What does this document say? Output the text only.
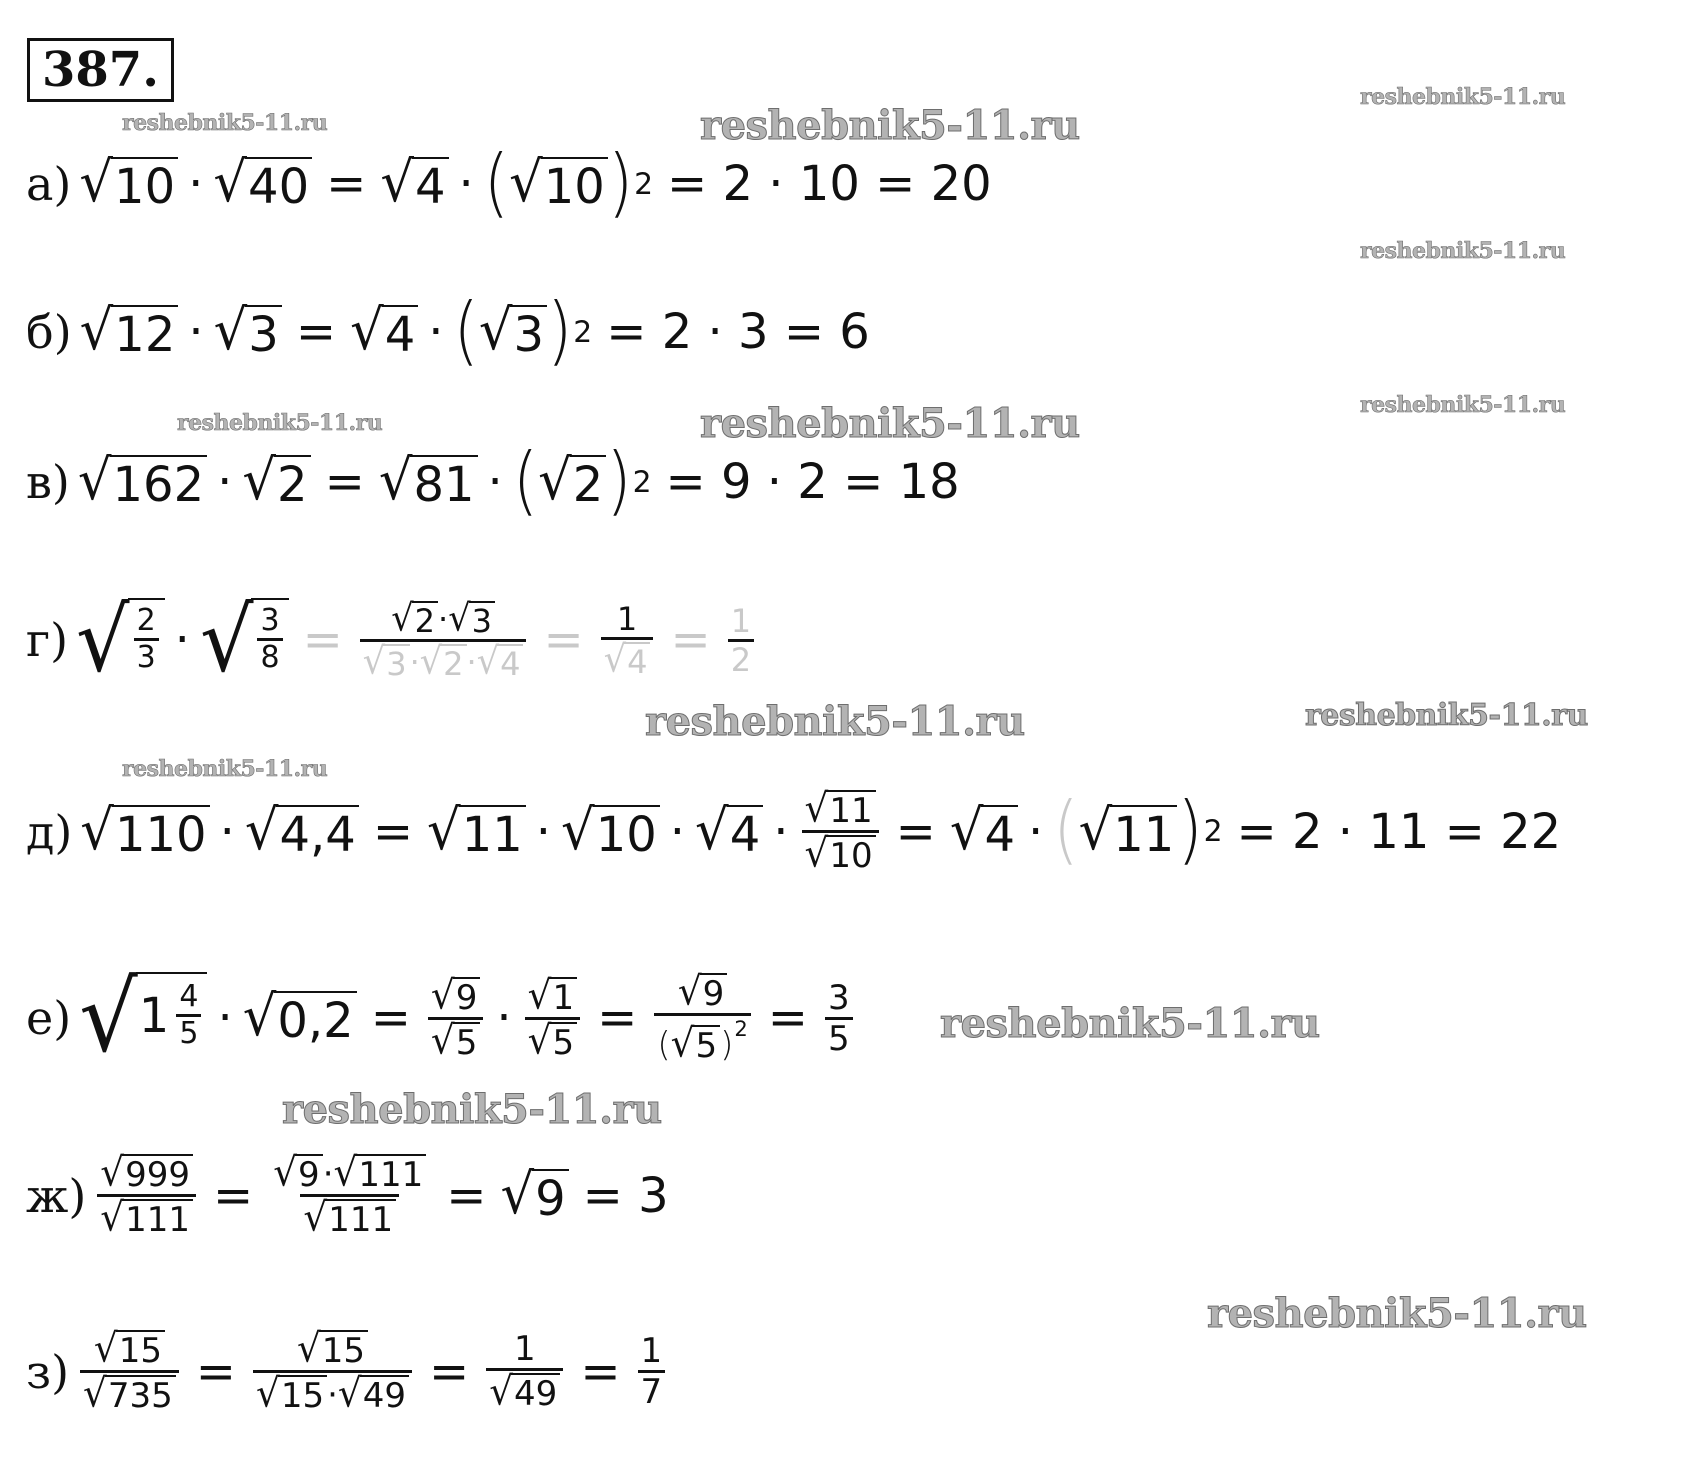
387.
reshebnik5-11.ru	reshebnik5-11.ru
reshebnik5-11.ru
reshebnik5-11.ru
reshebnik5-11.ru
reshebnik5-11.ru	reshebnik5-11.ru
reshebnik5-11.ru	reshebnik5-11.ru
reshebnik5-11.ru
reshebnik5-11.ru
reshebnik5-11.ru
reshebnik5-11.ru
а) √ 10 · √ 40 = √ 4 · ( √ 10 ) 2 = 2 · 10 = 20
б) √ 12 · √ 3 = √ 4 · ( √ 3 ) 2 = 2 · 3 = 6
в) √ 162 · √ 2 = √ 81 · ( √ 2 ) 2 = 9 · 2 = 18
г) √ $\frac{2}{3}$ · √ $\frac{3}{8} = \frac{√ 2 \cdot √ 3}{√ 3 \cdot √ 2 \cdot √ 4} = \frac{1}{√ 4} = \frac{1}{2}$
д) √ 110 · √ 4,4 = √ 11 · √ 10 · √ $4 \cdot \frac{√ 11}{√ 10}$ = √ 4 · ( √ 11 ) 2 = 2 · 11 = 22
е) √ $1 \frac{4}{5}$ · √ $0,2 = \frac{√ 9}{√ 5} \cdot \frac{√ 1}{√ 5} = \frac{√ 9}{( √ 5 )^2} = \frac{3}{5}$
$ж) \frac{√ 999}{√ 111} = \frac{√ 9 \cdot √ 111}{√ 111}$ = √ 9 = 3
$з) \frac{√ 15}{√ 735} = \frac{√ 15}{√ 15 \cdot √ 49} = \frac{1}{√ 49} = \frac{1}{7}$
